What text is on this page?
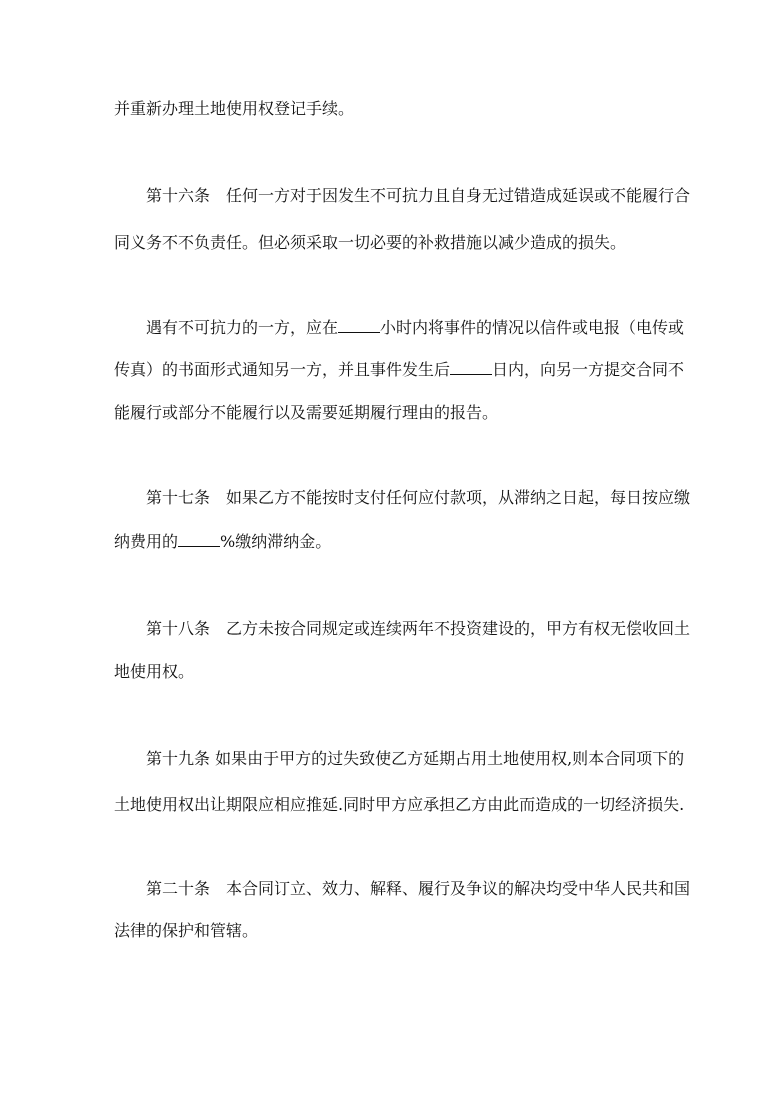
并重新办理土地使用权登记手续。
第十六条　任何一方对于因发生不可抗力且自身无过错造成延误或不能履行合
同义务不不负责任。但必须采取一切必要的补救措施以减少造成的损失。
遇有不可抗力的一方，应在	小时内将事件的情况以信件或电报（电传或
传真）的书面形式通知另一方，并且事件发生后	日内，向另一方提交合同不
能履行或部分不能履行以及需要延期履行理由的报告。
第十七条　如果乙方不能按时支付任何应付款项，从滞纳之日起，每日按应缴
纳费用的	%缴纳滞纳金。
第十八条　乙方未按合同规定或连续两年不投资建设的，甲方有权无偿收回土
地使用权。
第十九条 如果由于甲方的过失致使乙方延期占用土地使用权,则本合同项下的
土地使用权出让期限应相应推延.同时甲方应承担乙方由此而造成的一切经济损失.
第二十条　本合同订立、效力、解释、履行及争议的解决均受中华人民共和国
法律的保护和管辖。
